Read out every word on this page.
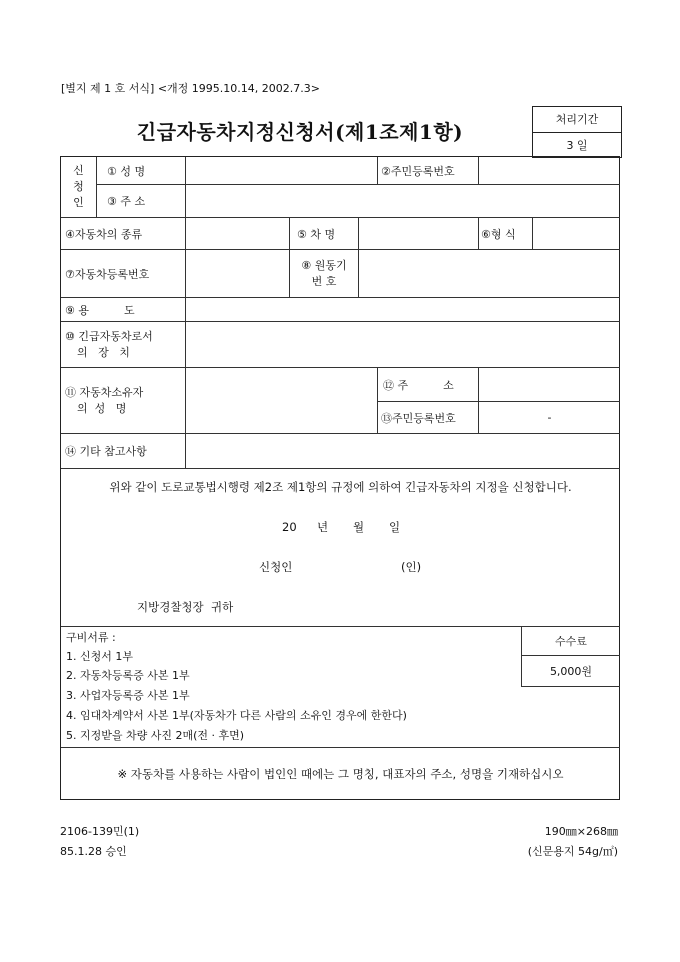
[별지 제 1 호 서식] <개정 1995.10.14, 2002.7.3>
긴급자동차지정신청서(제1조제1항)
처리기간
3 일
신
청
인
① 성 명	②주민등록번호
③ 주 소
④자동차의 종류	⑤ 차 명	⑥형 식
⑦자동차등록번호
⑧ 원동기
번 호
⑨ 용          도
⑩ 긴급자동차로서
의   장   치
⑪ 자동차소유자
의  성   명
⑫ 주          소
⑬주민등록번호	-
⑭ 기타 참고사항
위와 같이 도로교통법시행령 제2조 제1항의 규정에 의하여 긴급자동차의 지정을 신청합니다.
20 년 월 일
신청인	(인)
지방경찰청장  귀하
구비서류 :
1. 신청서 1부
2. 자동차등록증 사본 1부
3. 사업자등록증 사본 1부
4. 임대차계약서 사본 1부(자동차가 다른 사람의 소유인 경우에 한한다)
5. 지정받을 차량 사진 2매(전 · 후면)
수수료
5,000원
※ 자동차를 사용하는 사람이 법인인 때에는 그 명칭, 대표자의 주소, 성명을 기재하십시오
2106-139민(1)
85.1.28 승인
190㎜×268㎜
(신문용지 54g/㎡)
